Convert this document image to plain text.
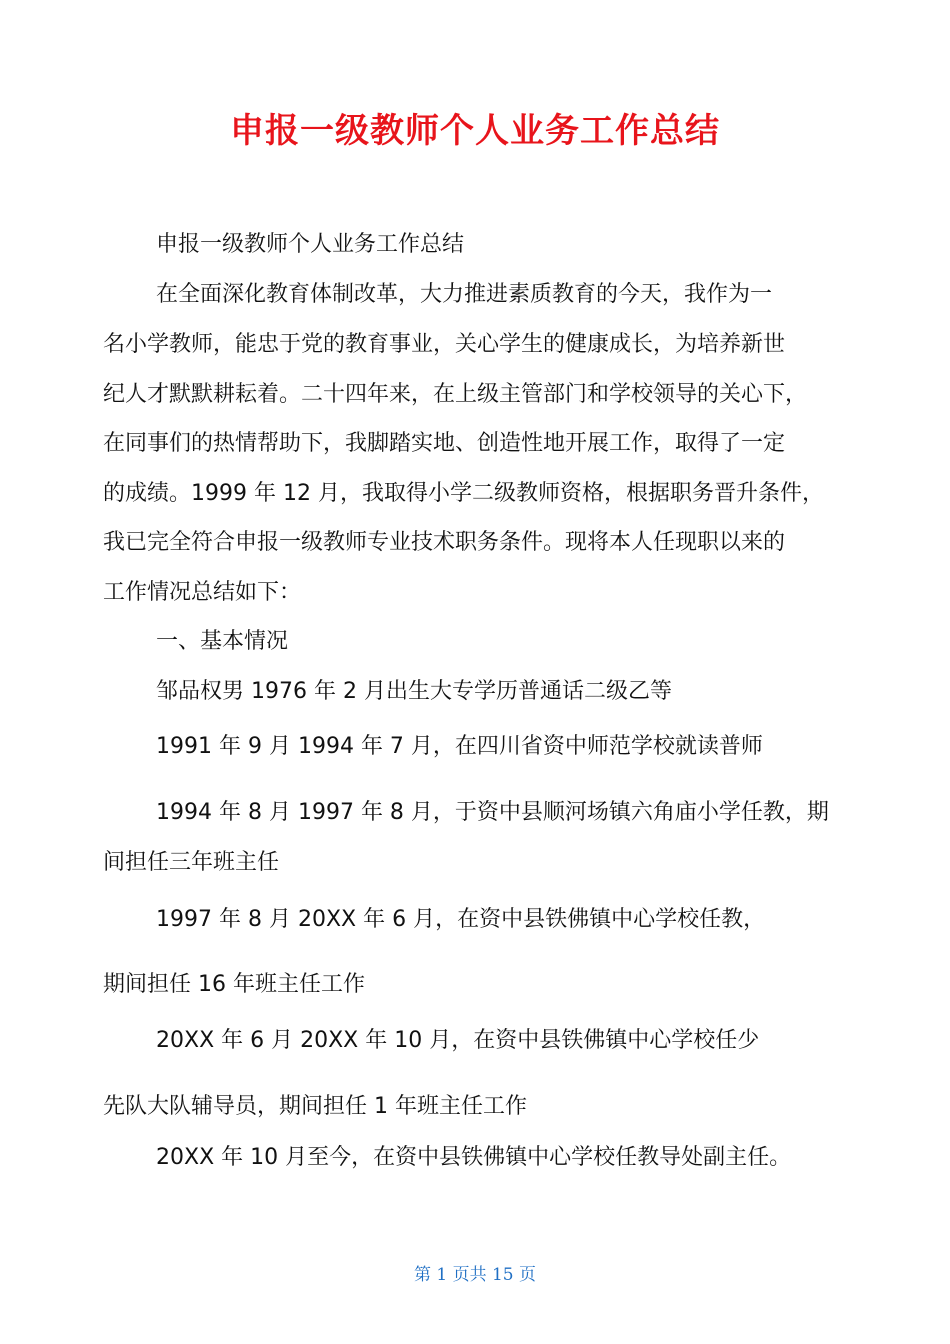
申报一级教师个人业务工作总结

申报一级教师个人业务工作总结

在全面深化教育体制改革，大力推进素质教育的今天，我作为一

名小学教师，能忠于党的教育事业，关心学生的健康成长，为培养新世

纪人才默默耕耘着。二十四年来，在上级主管部门和学校领导的关心下，

在同事们的热情帮助下，我脚踏实地、创造性地开展工作，取得了一定

的成绩。1999 年 12 月，我取得小学二级教师资格，根据职务晋升条件，

我已完全符合申报一级教师专业技术职务条件。现将本人任现职以来的

工作情况总结如下：

一、基本情况

邹品权男 1976 年 2 月出生大专学历普通话二级乙等

1991 年 9 月 1994 年 7 月，在四川省资中师范学校就读普师

1994 年 8 月 1997 年 8 月，于资中县顺河场镇六角庙小学任教，期

间担任三年班主任

1997 年 8 月 20XX 年 6 月，在资中县铁佛镇中心学校任教，

期间担任 16 年班主任工作

20XX 年 6 月 20XX 年 10 月，在资中县铁佛镇中心学校任少

先队大队辅导员，期间担任 1 年班主任工作

20XX 年 10 月至今，在资中县铁佛镇中心学校任教导处副主任。

第 1 页共 15 页
